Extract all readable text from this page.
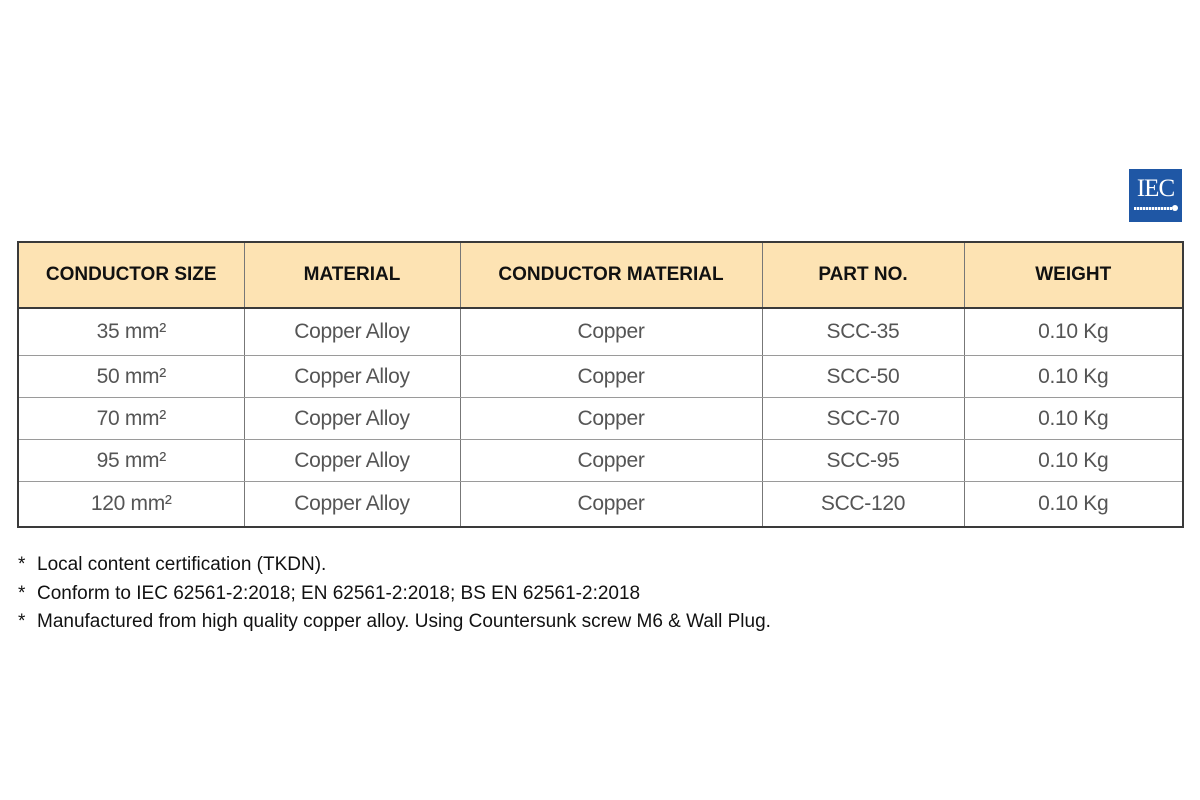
IEC
CONDUCTOR SIZE	MATERIAL	CONDUCTOR MATERIAL	PART NO.	WEIGHT
35 mm²	Copper Alloy	Copper	SCC-35	0.10 Kg
50 mm²	Copper Alloy	Copper	SCC-50	0.10 Kg
70 mm²	Copper Alloy	Copper	SCC-70	0.10 Kg
95 mm²	Copper Alloy	Copper	SCC-95	0.10 Kg
120 mm²	Copper Alloy	Copper	SCC-120	0.10 Kg
* Local content certification (TKDN).
* Conform to IEC 62561-2:2018; EN 62561-2:2018; BS EN 62561-2:2018
* Manufactured from high quality copper alloy. Using Countersunk screw M6 & Wall Plug.
